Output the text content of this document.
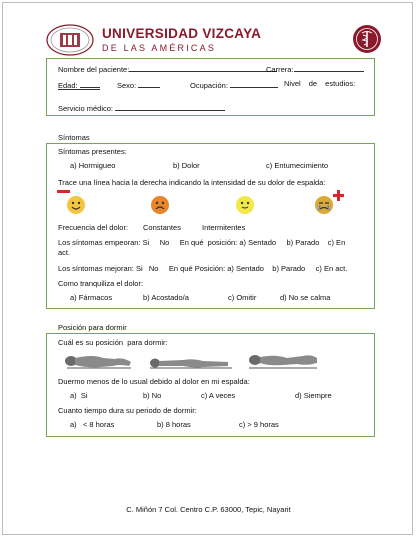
UNIVERSIDAD VIZCAYA
DE LAS AMÉRICAS
Nombre del paciente:	Carrera:
Edad:	Sexo:	Ocupación:	Nivel de estudios:
Servicio médico:
Síntomas
Síntomas presentes:
a) Hormigueo	b) Dolor	c) Entumecimiento
Trace una línea hacia la derecha indicando la intensidad de su dolor de espalda:
Frecuencia del dolor: Constantes	Intermitentes
Los síntomas empeoran: Si     No     En qué  posición: a) Sentado     b) Parado    c) En
act.
Los síntomas mejoran: Si   No     En qué Posición: a) Sentado    b) Parado     c) En act.
Como tranquiliza el dolor:
a) Fármacos	b) Acostado/a	c) Omitir	d) No se calma
Posición para dormir
Cuál es su posición  para dormir:
Duermo menos de lo usual debido al dolor en mi espalda:
a)  Si	b) No	c) A veces	d) Siempre
Cuanto tiempo dura su periodo de dormir:
a)   < 8 horas	b) 8 horas	c) > 9 horas
C. Miñón 7 Col. Centro C.P. 63000, Tepic, Nayarit
